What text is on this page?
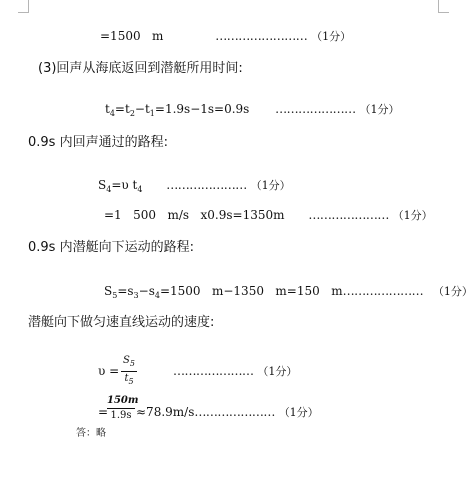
=1500   m	…………………… （1分）
(3)回声从海底返回到潜艇所用时间:
$t_4=t_2-t_1=1.9s-1s=0.9s$ ………………… （1分）
0.9s 内回声通过的路程:
$S_4=\upsilon$ $t_4$ ………………… （1分）
=1   500   m/s   x0.9s=1350m ………………… （1分）
0.9s 内潜艇向下运动的路程:
$S_5=s_3-s_4=1500$   m−1350   m=150   m………………… （1分）
潜艇向下做匀速直线运动的速度:
υ =
$S_5$
$t_5$
………………… （1分）
=
150m
1.9s ≈78.9m/s………………… （1分）
答：略
